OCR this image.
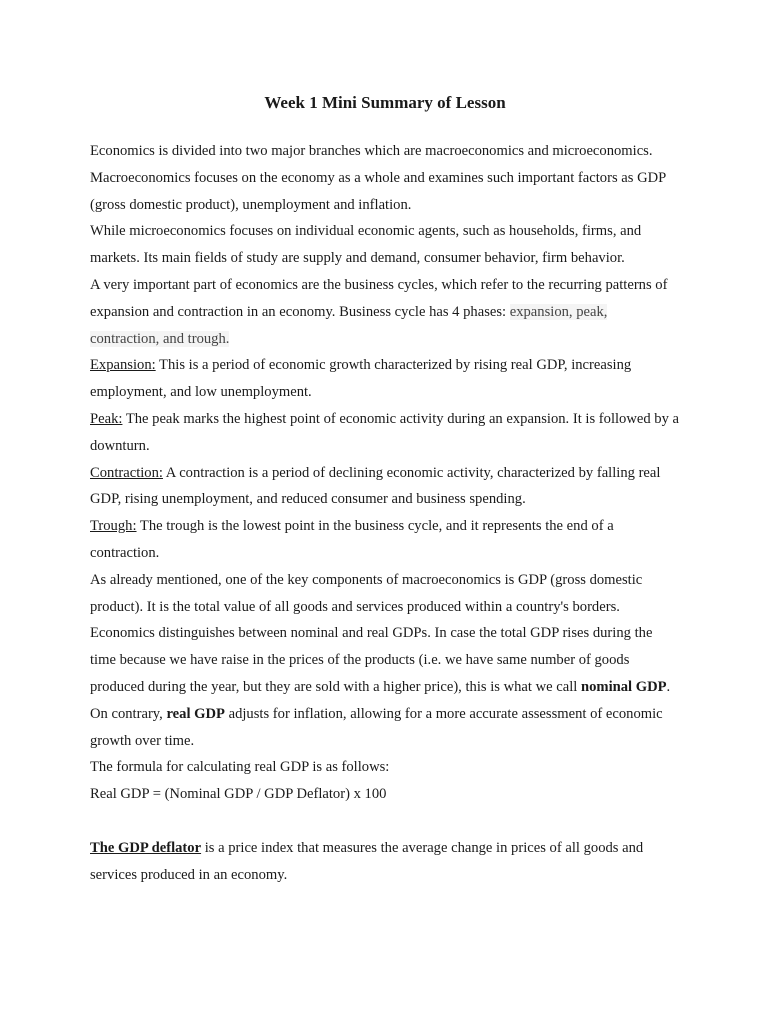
Week 1 Mini Summary of Lesson

Economics is divided into two major branches which are macroeconomics and microeconomics. Macroeconomics focuses on the economy as a whole and examines such important factors as GDP (gross domestic product), unemployment and inflation.

While microeconomics focuses on individual economic agents, such as households, firms, and markets. Its main fields of study are supply and demand, consumer behavior, firm behavior.

A very important part of economics are the business cycles, which refer to the recurring patterns of expansion and contraction in an economy. Business cycle has 4 phases: expansion, peak, contraction, and trough.

Expansion: This is a period of economic growth characterized by rising real GDP, increasing employment, and low unemployment.

Peak: The peak marks the highest point of economic activity during an expansion. It is followed by a downturn.

Contraction: A contraction is a period of declining economic activity, characterized by falling real GDP, rising unemployment, and reduced consumer and business spending.

Trough: The trough is the lowest point in the business cycle, and it represents the end of a contraction.

As already mentioned, one of the key components of macroeconomics is GDP (gross domestic product). It is the total value of all goods and services produced within a country's borders.

Economics distinguishes between nominal and real GDPs. In case the total GDP rises during the time because we have raise in the prices of the products (i.e. we have same number of goods produced during the year, but they are sold with a higher price), this is what we call nominal GDP. On contrary, real GDP adjusts for inflation, allowing for a more accurate assessment of economic growth over time.

The formula for calculating real GDP is as follows:

Real GDP = (Nominal GDP / GDP Deflator) x 100

The GDP deflator is a price index that measures the average change in prices of all goods and services produced in an economy.
